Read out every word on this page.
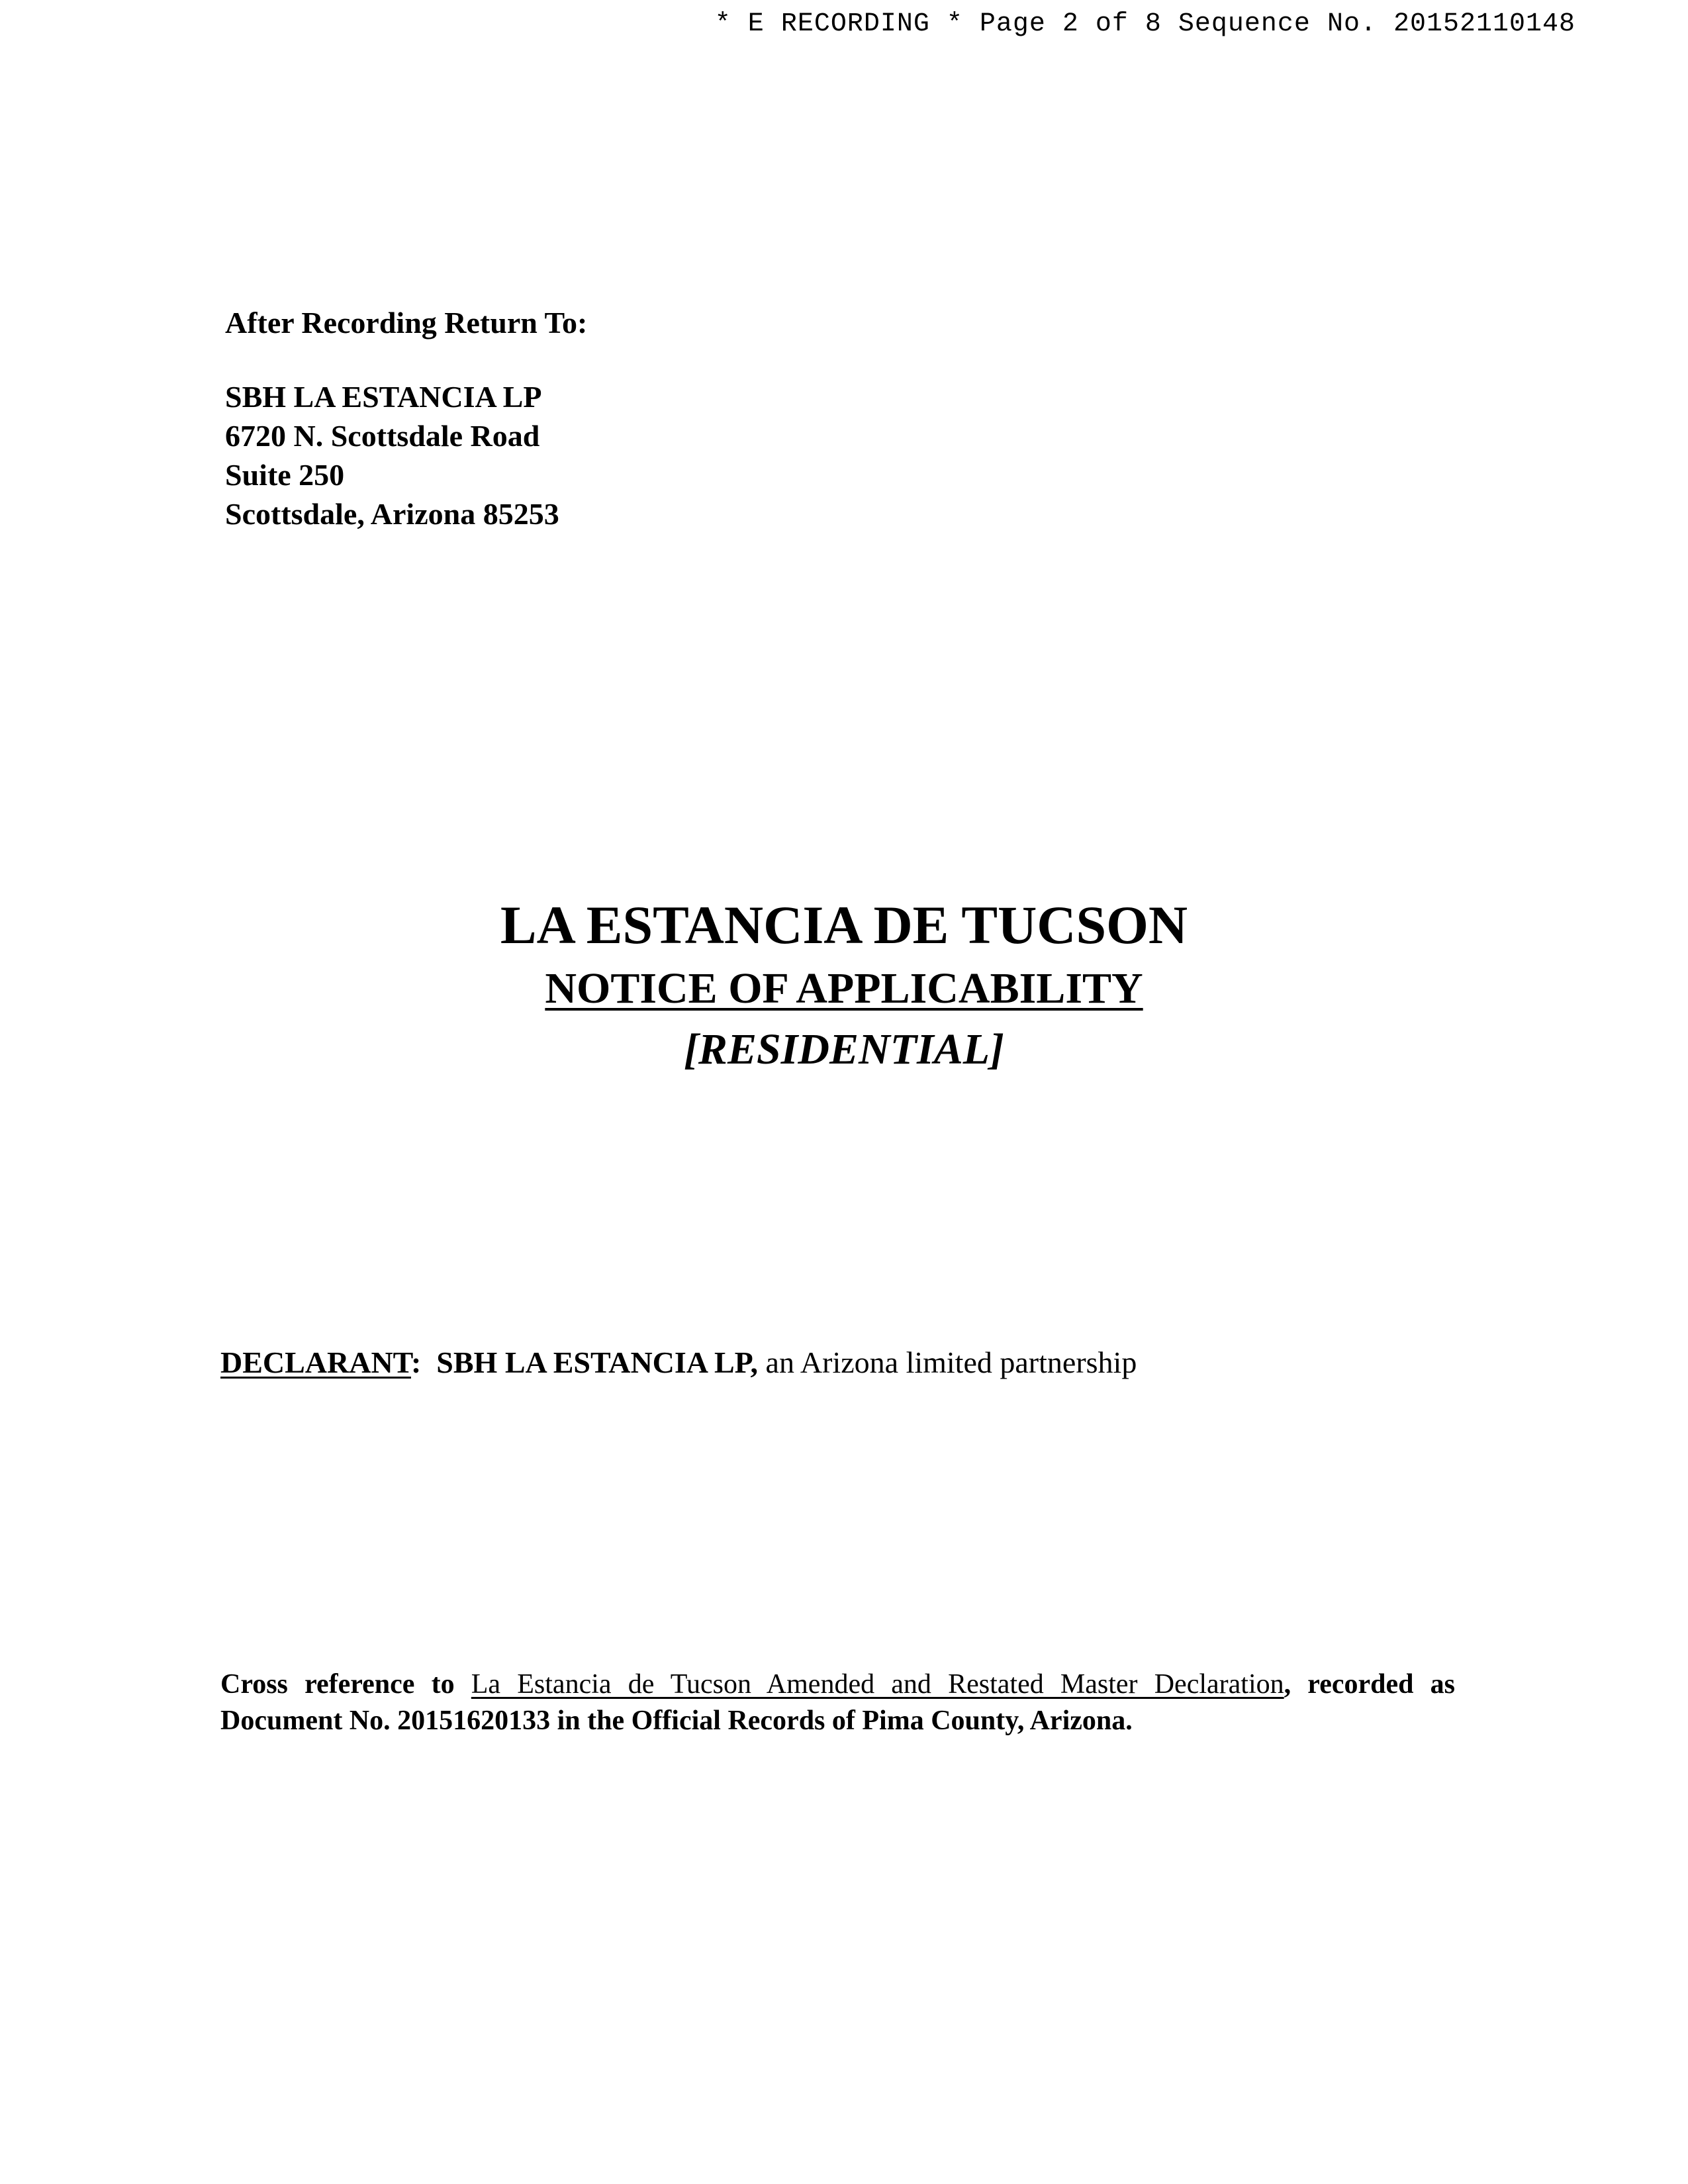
* E RECORDING * Page 2 of 8 Sequence No. 20152110148
After Recording Return To:
SBH LA ESTANCIA LP
6720 N. Scottsdale Road
Suite 250
Scottsdale, Arizona 85253
LA ESTANCIA DE TUCSON
NOTICE OF APPLICABILITY
[RESIDENTIAL]
DECLARANT: SBH LA ESTANCIA LP, an Arizona limited partnership
Cross reference to La Estancia de Tucson Amended and Restated Master Declaration, recorded as Document No. 20151620133 in the Official Records of Pima County, Arizona.
